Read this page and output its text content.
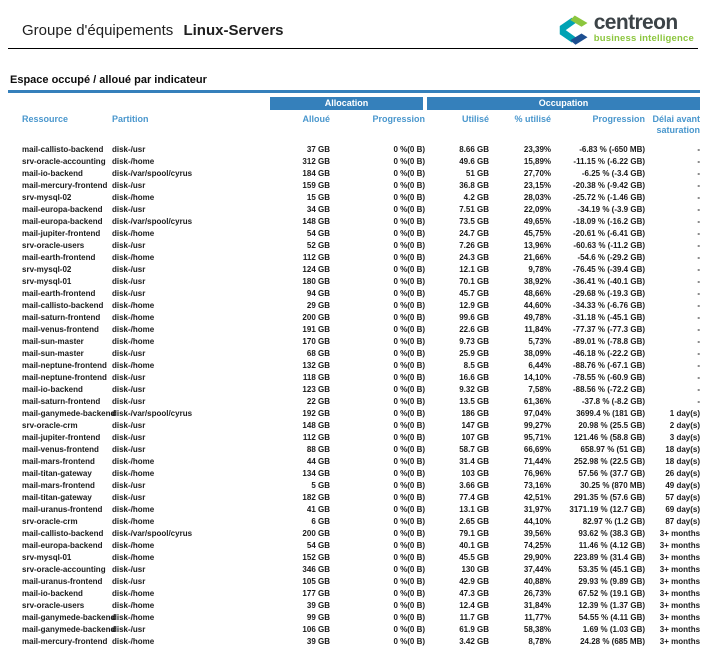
Groupe d'équipements Linux-Servers	centreon
business intelligence
Espace occupé / alloué par indicateur
		Allocation		Occupation			
Ressource	Partition	Alloué	Progression	Utilisé	% utilisé	Progression	Délai avant saturation

mail-callisto-backend	disk-/usr	37 GB	0 %(0 B)	8.66 GB	23,39%	-6.83 % (-650 MB)	-
srv-oracle-accounting	disk-/home	312 GB	0 %(0 B)	49.6 GB	15,89%	-11.15 % (-6.22 GB)	-
mail-io-backend	disk-/var/spool/cyrus	184 GB	0 %(0 B)	51 GB	27,70%	-6.25 % (-3.4 GB)	-
mail-mercury-frontend	disk-/usr	159 GB	0 %(0 B)	36.8 GB	23,15%	-20.38 % (-9.42 GB)	-
srv-mysql-02	disk-/home	15 GB	0 %(0 B)	4.2 GB	28,03%	-25.72 % (-1.46 GB)	-
mail-europa-backend	disk-/usr	34 GB	0 %(0 B)	7.51 GB	22,09%	-34.19 % (-3.9 GB)	-
mail-europa-backend	disk-/var/spool/cyrus	148 GB	0 %(0 B)	73.5 GB	49,65%	-18.09 % (-16.2 GB)	-
mail-jupiter-frontend	disk-/home	54 GB	0 %(0 B)	24.7 GB	45,75%	-20.61 % (-6.41 GB)	-
srv-oracle-users	disk-/usr	52 GB	0 %(0 B)	7.26 GB	13,96%	-60.63 % (-11.2 GB)	-
mail-earth-frontend	disk-/home	112 GB	0 %(0 B)	24.3 GB	21,66%	-54.6 % (-29.2 GB)	-
srv-mysql-02	disk-/usr	124 GB	0 %(0 B)	12.1 GB	9,78%	-76.45 % (-39.4 GB)	-
srv-mysql-01	disk-/usr	180 GB	0 %(0 B)	70.1 GB	38,92%	-36.41 % (-40.1 GB)	-
mail-earth-frontend	disk-/usr	94 GB	0 %(0 B)	45.7 GB	48,66%	-29.68 % (-19.3 GB)	-
mail-callisto-backend	disk-/home	29 GB	0 %(0 B)	12.9 GB	44,60%	-34.33 % (-6.76 GB)	-
mail-saturn-frontend	disk-/home	200 GB	0 %(0 B)	99.6 GB	49,78%	-31.18 % (-45.1 GB)	-
mail-venus-frontend	disk-/home	191 GB	0 %(0 B)	22.6 GB	11,84%	-77.37 % (-77.3 GB)	-
mail-sun-master	disk-/home	170 GB	0 %(0 B)	9.73 GB	5,73%	-89.01 % (-78.8 GB)	-
mail-sun-master	disk-/usr	68 GB	0 %(0 B)	25.9 GB	38,09%	-46.18 % (-22.2 GB)	-
mail-neptune-frontend	disk-/home	132 GB	0 %(0 B)	8.5 GB	6,44%	-88.76 % (-67.1 GB)	-
mail-neptune-frontend	disk-/usr	118 GB	0 %(0 B)	16.6 GB	14,10%	-78.55 % (-60.9 GB)	-
mail-io-backend	disk-/usr	123 GB	0 %(0 B)	9.32 GB	7,58%	-88.56 % (-72.2 GB)	-
mail-saturn-frontend	disk-/usr	22 GB	0 %(0 B)	13.5 GB	61,36%	-37.8 % (-8.2 GB)	-
mail-ganymede-backend	disk-/var/spool/cyrus	192 GB	0 %(0 B)	186 GB	97,04%	3699.4 % (181 GB)	1 day(s)
srv-oracle-crm	disk-/usr	148 GB	0 %(0 B)	147 GB	99,27%	20.98 % (25.5 GB)	2 day(s)
mail-jupiter-frontend	disk-/usr	112 GB	0 %(0 B)	107 GB	95,71%	121.46 % (58.8 GB)	3 day(s)
mail-venus-frontend	disk-/usr	88 GB	0 %(0 B)	58.7 GB	66,69%	658.97 % (51 GB)	18 day(s)
mail-mars-frontend	disk-/home	44 GB	0 %(0 B)	31.4 GB	71,44%	252.98 % (22.5 GB)	18 day(s)
mail-titan-gateway	disk-/home	134 GB	0 %(0 B)	103 GB	76,96%	57.56 % (37.7 GB)	26 day(s)
mail-mars-frontend	disk-/usr	5 GB	0 %(0 B)	3.66 GB	73,16%	30.25 % (870 MB)	49 day(s)
mail-titan-gateway	disk-/usr	182 GB	0 %(0 B)	77.4 GB	42,51%	291.35 % (57.6 GB)	57 day(s)
mail-uranus-frontend	disk-/home	41 GB	0 %(0 B)	13.1 GB	31,97%	3171.19 % (12.7 GB)	69 day(s)
srv-oracle-crm	disk-/home	6 GB	0 %(0 B)	2.65 GB	44,10%	82.97 % (1.2 GB)	87 day(s)
mail-callisto-backend	disk-/var/spool/cyrus	200 GB	0 %(0 B)	79.1 GB	39,56%	93.62 % (38.3 GB)	3+ months
mail-europa-backend	disk-/home	54 GB	0 %(0 B)	40.1 GB	74,25%	11.46 % (4.12 GB)	3+ months
srv-mysql-01	disk-/home	152 GB	0 %(0 B)	45.5 GB	29,90%	223.89 % (31.4 GB)	3+ months
srv-oracle-accounting	disk-/usr	346 GB	0 %(0 B)	130 GB	37,44%	53.35 % (45.1 GB)	3+ months
mail-uranus-frontend	disk-/usr	105 GB	0 %(0 B)	42.9 GB	40,88%	29.93 % (9.89 GB)	3+ months
mail-io-backend	disk-/home	177 GB	0 %(0 B)	47.3 GB	26,73%	67.52 % (19.1 GB)	3+ months
srv-oracle-users	disk-/home	39 GB	0 %(0 B)	12.4 GB	31,84%	12.39 % (1.37 GB)	3+ months
mail-ganymede-backend	disk-/home	99 GB	0 %(0 B)	11.7 GB	11,77%	54.55 % (4.11 GB)	3+ months
mail-ganymede-backend	disk-/usr	106 GB	0 %(0 B)	61.9 GB	58,38%	1.69 % (1.03 GB)	3+ months
mail-mercury-frontend	disk-/home	39 GB	0 %(0 B)	3.42 GB	8,78%	24.28 % (685 MB)	3+ months
